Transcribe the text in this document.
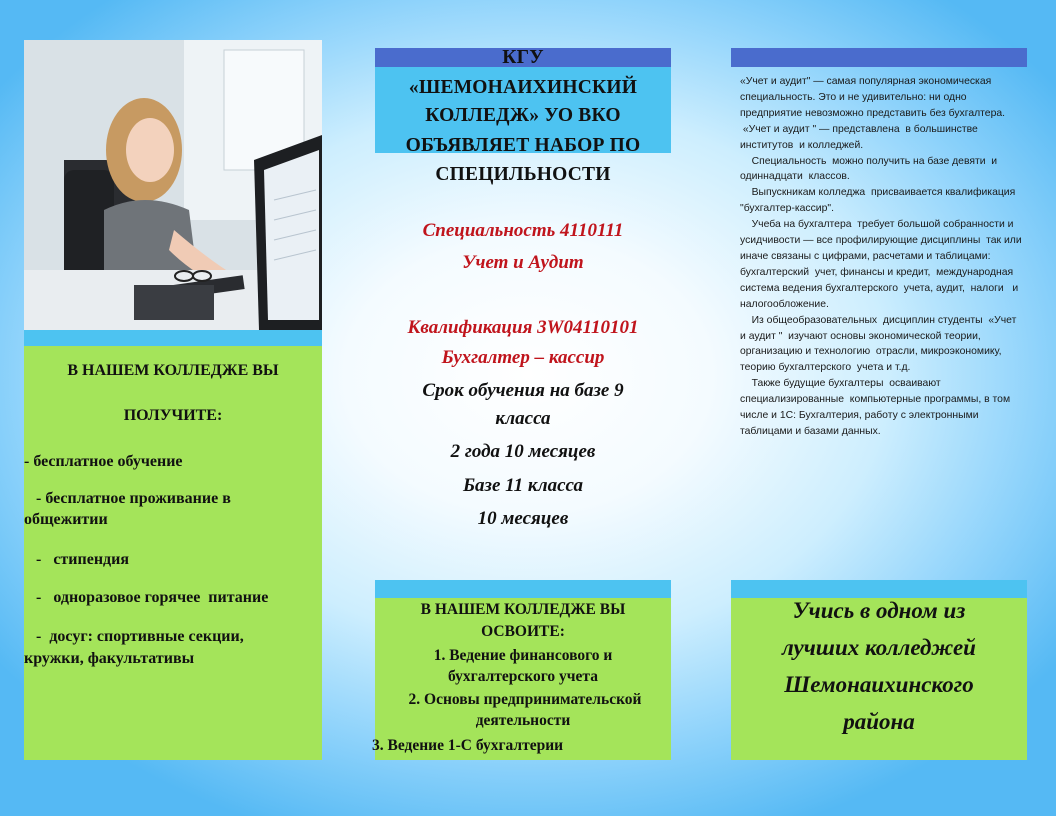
В НАШЕМ КОЛЛЕДЖЕ ВЫ
ПОЛУЧИТЕ:
- бесплатное обучение
- бесплатное проживание в
общежитии
-   стипендия
-   одноразовое горячее  питание
-  досуг: спортивные секции,
кружки, факультативы
КГУ
«ШЕМОНАИХИНСКИЙ
КОЛЛЕДЖ» УО ВКО
ОБЪЯВЛЯЕТ НАБОР ПО
СПЕЦИЛЬНОСТИ
Специальность 4110111
Учет и Аудит
Квалификация 3W04110101
Бухгалтер – кассир
Срок обучения на базе 9
класса
2 года 10 месяцев
Базе 11 класса
10 месяцев
В НАШЕМ КОЛЛЕДЖЕ ВЫ
ОСВОИТЕ:
1. Ведение финансового и
бухгалтерского учета
2. Основы предпринимательской
деятельности
3. Ведение 1-С бухгалтерии

«Учет и аудит" — самая популярная экономическая специальность. Это и не удивительно: ни одно предприятие невозможно представить без бухгалтера.

«Учет и аудит " — представлена  в большинстве институтов  и колледжей.

Специальность  можно получить на базе девяти  и одиннадцати  классов.

Выпускникам колледжа  присваивается квалификация  "бухгалтер-кассир".

Учеба на бухгалтера  требует большой собранности и усидчивости — все профилирующие дисциплины  так или иначе связаны с цифрами, расчетами и таблицами:  бухгалтерский  учет, финансы и кредит,  международная система ведения бухгалтерского  учета, аудит,  налоги   и налогообложение.

Из общеобразовательных  дисциплин студенты  «Учет и аудит "  изучают основы экономической теории, организацию и технологию  отрасли, микроэкономику, теорию бухгалтерского  учета и т.д.

Также будущие бухгалтеры  осваивают специализированные  компьютерные программы, в том числе и 1С: Бухгалтерия, работу с электронными таблицами и базами данных.

Учись в одном из
лучших колледжей
Шемонаихинского
района
